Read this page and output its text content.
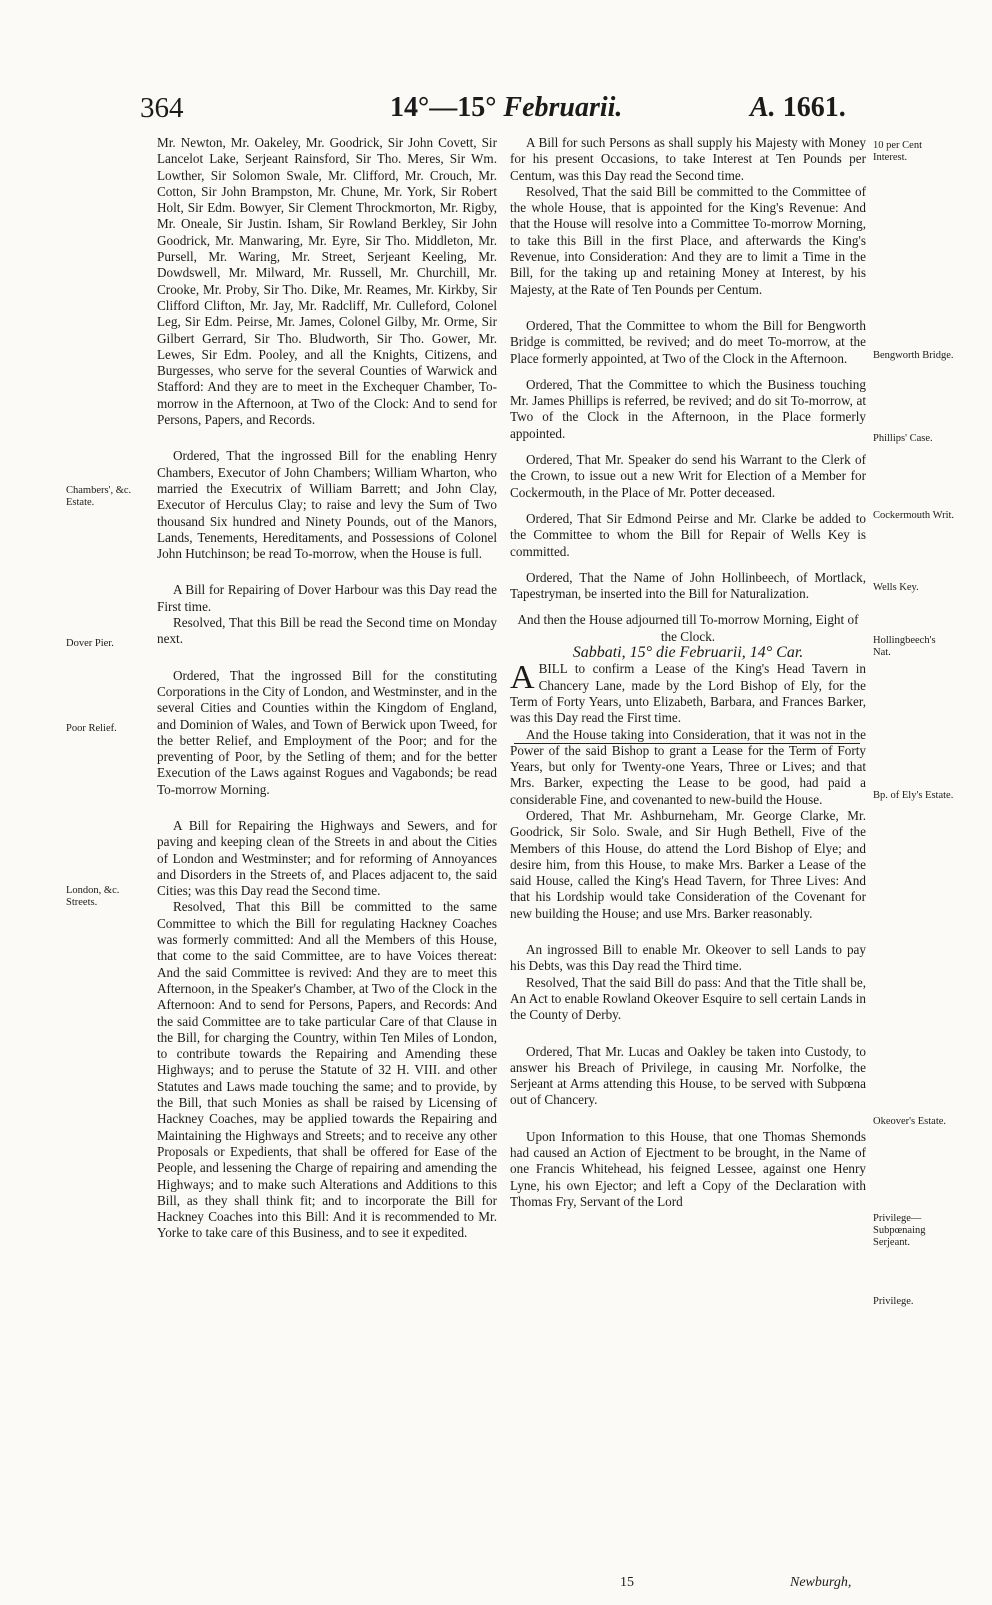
364	14°—15° Februarii.	A. 1661.
Chambers', &c. Estate.
Dover Pier.
Poor Relief.
London, &c. Streets.

Mr. Newton, Mr. Oakeley, Mr. Goodrick, Sir John Covett, Sir Lancelot Lake, Serjeant Rainsford, Sir Tho. Meres, Sir Wm. Lowther, Sir Solomon Swale, Mr. Clifford, Mr. Crouch, Mr. Cotton, Sir John Brampston, Mr. Chune, Mr. York, Sir Robert Holt, Sir Edm. Bowyer, Sir Clement Throckmorton, Mr. Rigby, Mr. Oneale, Sir Justin. Isham, Sir Rowland Berkley, Sir John Goodrick, Mr. Manwaring, Mr. Eyre, Sir Tho. Middleton, Mr. Pursell, Mr. Waring, Mr. Street, Serjeant Keeling, Mr. Dowdswell, Mr. Milward, Mr. Russell, Mr. Churchill, Mr. Crooke, Mr. Proby, Sir Tho. Dike, Mr. Reames, Mr. Kirkby, Sir Clifford Clifton, Mr. Jay, Mr. Radcliff, Mr. Culleford, Colonel Leg, Sir Edm. Peirse, Mr. James, Colonel Gilby, Mr. Orme, Sir Gilbert Gerrard, Sir Tho. Bludworth, Sir Tho. Gower, Mr. Lewes, Sir Edm. Pooley, and all the Knights, Citizens, and Burgesses, who serve for the several Counties of Warwick and Stafford: And they are to meet in the Exchequer Chamber, To-morrow in the Afternoon, at Two of the Clock: And to send for Persons, Papers, and Records.

Ordered, That the ingrossed Bill for the enabling Henry Chambers, Executor of John Chambers; William Wharton, who married the Executrix of William Barrett; and John Clay, Executor of Herculus Clay; to raise and levy the Sum of Two thousand Six hundred and Ninety Pounds, out of the Manors, Lands, Tenements, Hereditaments, and Possessions of Colonel John Hutchinson; be read To-morrow, when the House is full.

A Bill for Repairing of Dover Harbour was this Day read the First time.

Resolved, That this Bill be read the Second time on Monday next.

Ordered, That the ingrossed Bill for the constituting Corporations in the City of London, and Westminster, and in the several Cities and Counties within the Kingdom of England, and Dominion of Wales, and Town of Berwick upon Tweed, for the better Relief, and Employment of the Poor; and for the preventing of Poor, by the Setling of them; and for the better Execution of the Laws against Rogues and Vagabonds; be read To-morrow Morning.

A Bill for Repairing the Highways and Sewers, and for paving and keeping clean of the Streets in and about the Cities of London and Westminster; and for reforming of Annoyances and Disorders in the Streets of, and Places adjacent to, the said Cities; was this Day read the Second time.

Resolved, That this Bill be committed to the same Committee to which the Bill for regulating Hackney Coaches was formerly committed: And all the Members of this House, that come to the said Committee, are to have Voices thereat: And the said Committee is revived: And they are to meet this Afternoon, in the Speaker's Chamber, at Two of the Clock in the Afternoon: And to send for Persons, Papers, and Records: And the said Committee are to take particular Care of that Clause in the Bill, for charging the Country, within Ten Miles of London, to contribute towards the Repairing and Amending these Highways; and to peruse the Statute of 32 H. VIII. and other Statutes and Laws made touching the same; and to provide, by the Bill, that such Monies as shall be raised by Licensing of Hackney Coaches, may be applied towards the Repairing and Maintaining the Highways and Streets; and to receive any other Proposals or Expedients, that shall be offered for Ease of the People, and lessening the Charge of repairing and amending the Highways; and to make such Alterations and Additions to this Bill, as they shall think fit; and to incorporate the Bill for Hackney Coaches into this Bill: And it is recommended to Mr. Yorke to take care of this Business, and to see it expedited.

10 per Cent Interest.
Bengworth Bridge.
Phillips' Case.
Cockermouth Writ.
Wells Key.
Hollingbeech's Nat.
Bp. of Ely's Estate.
Okeover's Estate.
Privilege—Subpœnaing Serjeant.
Privilege.

A Bill for such Persons as shall supply his Majesty with Money for his present Occasions, to take Interest at Ten Pounds per Centum, was this Day read the Second time.

Resolved, That the said Bill be committed to the Committee of the whole House, that is appointed for the King's Revenue: And that the House will resolve into a Committee To-morrow Morning, to take this Bill in the first Place, and afterwards the King's Revenue, into Consideration: And they are to limit a Time in the Bill, for the taking up and retaining Money at Interest, by his Majesty, at the Rate of Ten Pounds per Centum.

Ordered, That the Committee to whom the Bill for Bengworth Bridge is committed, be revived; and do meet To-morrow, at the Place formerly appointed, at Two of the Clock in the Afternoon.

Ordered, That the Committee to which the Business touching Mr. James Phillips is referred, be revived; and do sit To-morrow, at Two of the Clock in the Afternoon, in the Place formerly appointed.

Ordered, That Mr. Speaker do send his Warrant to the Clerk of the Crown, to issue out a new Writ for Election of a Member for Cockermouth, in the Place of Mr. Potter deceased.

Ordered, That Sir Edmond Peirse and Mr. Clarke be added to the Committee to whom the Bill for Repair of Wells Key is committed.

Ordered, That the Name of John Hollinbeech, of Mortlack, Tapestryman, be inserted into the Bill for Naturalization.

And then the House adjourned till To-morrow Morning, Eight of the Clock.

Sabbati, 15° die Februarii, 14° Car.

ABILL to confirm a Lease of the King's Head Tavern in Chancery Lane, made by the Lord Bishop of Ely, for the Term of Forty Years, unto Elizabeth, Barbara, and Frances Barker, was this Day read the First time.

And the House taking into Consideration, that it was not in the Power of the said Bishop to grant a Lease for the Term of Forty Years, but only for Twenty-one Years, Three or Lives; and that Mrs. Barker, expecting the Lease to be good, had paid a considerable Fine, and covenanted to new-build the House.

Ordered, That Mr. Ashburneham, Mr. George Clarke, Mr. Goodrick, Sir Solo. Swale, and Sir Hugh Bethell, Five of the Members of this House, do attend the Lord Bishop of Elye; and desire him, from this House, to make Mrs. Barker a Lease of the said House, called the King's Head Tavern, for Three Lives: And that his Lordship would take Consideration of the Covenant for new building the House; and use Mrs. Barker reasonably.

An ingrossed Bill to enable Mr. Okeover to sell Lands to pay his Debts, was this Day read the Third time.

Resolved, That the said Bill do pass: And that the Title shall be, An Act to enable Rowland Okeover Esquire to sell certain Lands in the County of Derby.

Ordered, That Mr. Lucas and Oakley be taken into Custody, to answer his Breach of Privilege, in causing Mr. Norfolke, the Serjeant at Arms attending this House, to be served with Subpœna out of Chancery.

Upon Information to this House, that one Thomas Shemonds had caused an Action of Ejectment to be brought, in the Name of one Francis Whitehead, his feigned Lessee, against one Henry Lyne, his own Ejector; and left a Copy of the Declaration with Thomas Fry, Servant of the Lord

15	Newburgh,
